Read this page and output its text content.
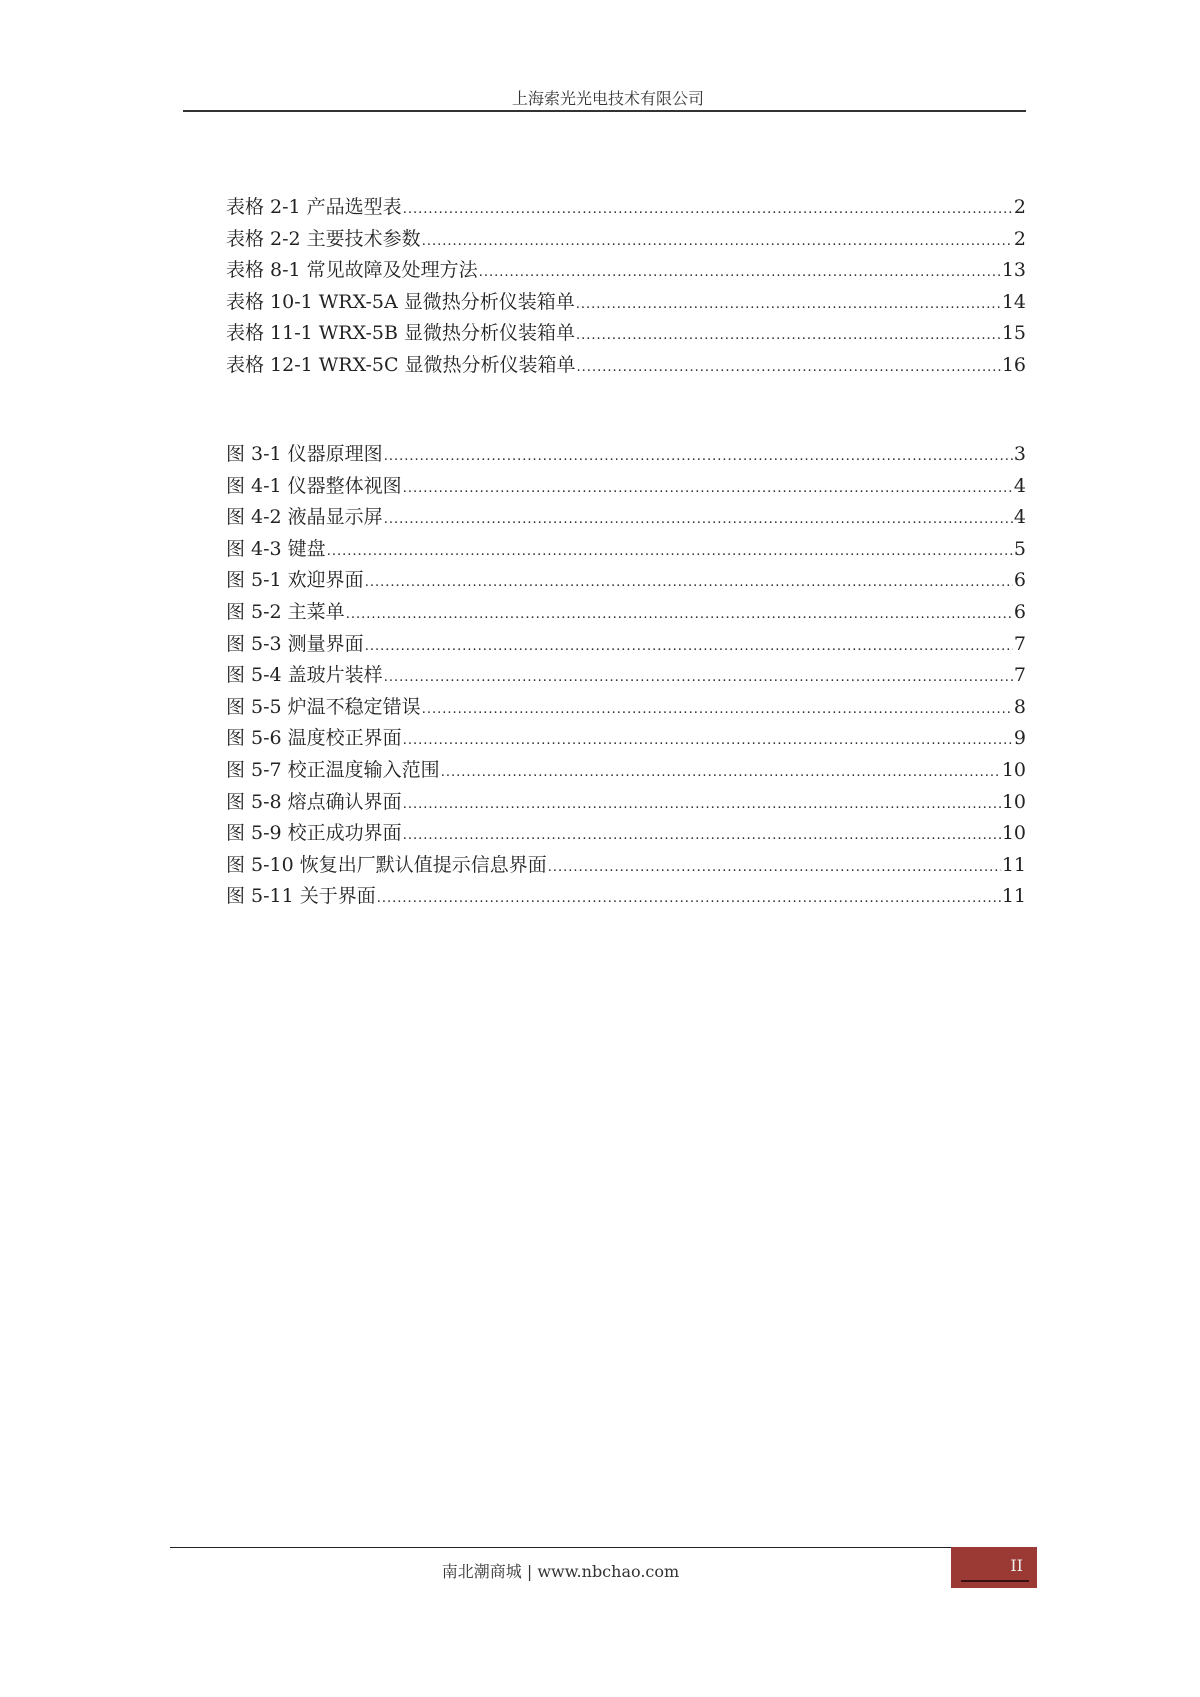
上海索光光电技术有限公司
表格 2-1 产品选型表 .....	2
表格 2-2 主要技术参数 .....	2
表格 8-1 常见故障及处理方法 .....	13
表格 10-1 WRX-5A 显微热分析仪装箱单 .....	14
表格 11-1 WRX-5B 显微热分析仪装箱单 .....	15
表格 12-1 WRX-5C 显微热分析仪装箱单 .....	16
图 3-1 仪器原理图 .....	3
图 4-1 仪器整体视图 .....	4
图 4-2 液晶显示屏 .....	4
图 4-3 键盘 .....	5
图 5-1 欢迎界面 .....	6
图 5-2 主菜单 .....	6
图 5-3 测量界面 .....	7
图 5-4 盖玻片装样 .....	7
图 5-5 炉温不稳定错误 .....	8
图 5-6 温度校正界面 .....	9
图 5-7 校正温度输入范围 .....	10
图 5-8 熔点确认界面 .....	10
图 5-9 校正成功界面 .....	10
图 5-10 恢复出厂默认值提示信息界面 .....	11
图 5-11 关于界面 .....	11
南北潮商城 | www.nbchao.com	II
